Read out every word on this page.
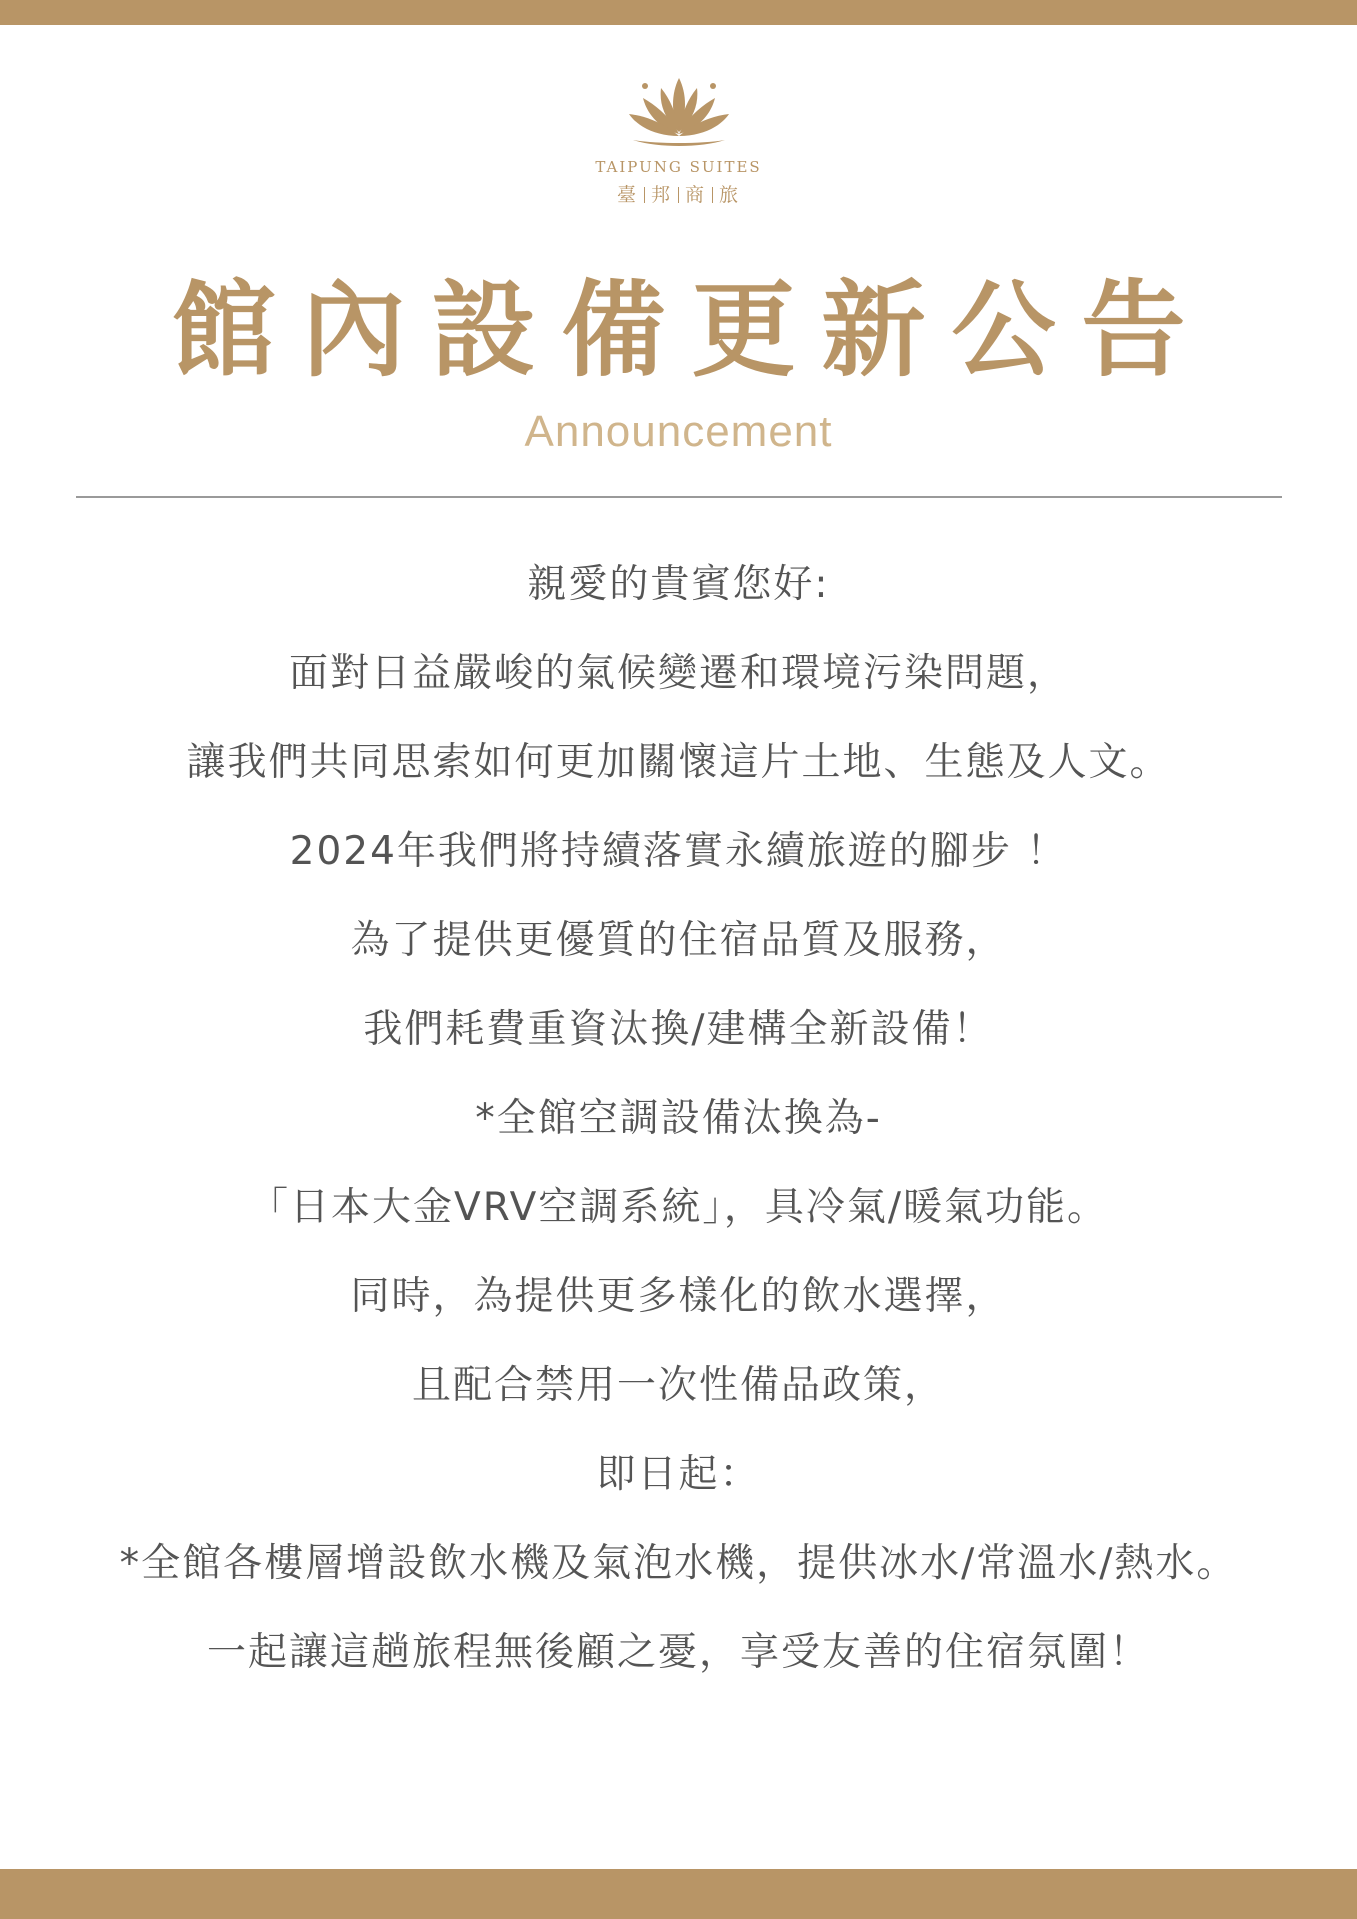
TAIPUNG SUITES
臺 邦 商 旅
館內設備更新公告
Announcement
親愛的貴賓您好:
面對日益嚴峻的氣候變遷和環境污染問題，
讓我們共同思索如何更加關懷這片土地、生態及人文。
2024年我們將持續落實永續旅遊的腳步 ！
為了提供更優質的住宿品質及服務，
我們耗費重資汰換/建構全新設備！
*全館空調設備汰換為-
「日本大金VRV空調系統」，具冷氣/暖氣功能。
同時，為提供更多樣化的飲水選擇，
且配合禁用一次性備品政策，
即日起：
*全館各樓層增設飲水機及氣泡水機，提供冰水/常溫水/熱水。
一起讓這趟旅程無後顧之憂，享受友善的住宿氛圍！
